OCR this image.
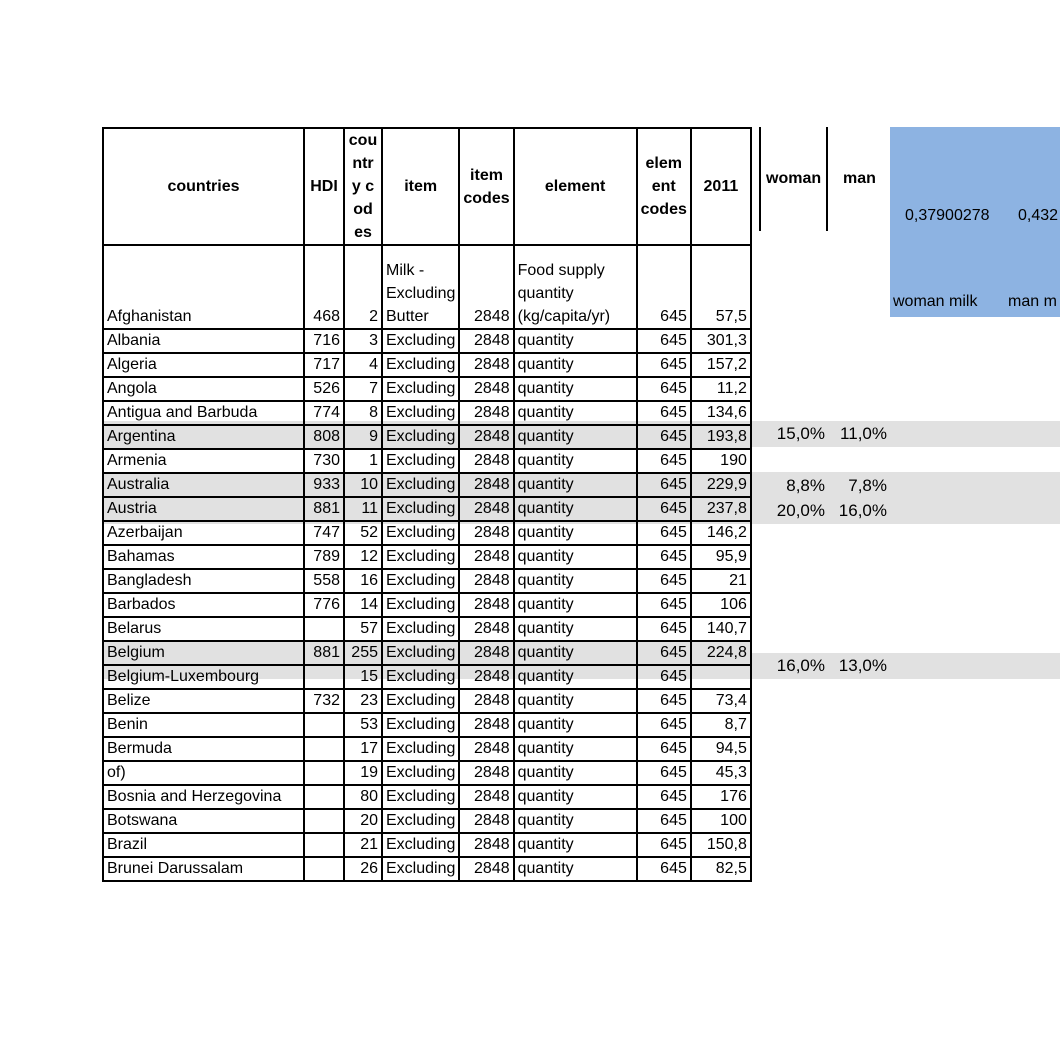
0,37900278 0,432
woman milk man m
countries	HDI	cou ntry cod es	item	item codes	element	elem ent codes	2011
Afghanistan	468	2	Milk - Excluding Butter	2848	Food supply quantity (kg/capita/yr)	645	57,5
Albania	716	3	Excluding	2848	quantity	645	301,3
Algeria	717	4	Excluding	2848	quantity	645	157,2
Angola	526	7	Excluding	2848	quantity	645	11,2
Antigua and Barbuda	774	8	Excluding	2848	quantity	645	134,6
Argentina	808	9	Excluding	2848	quantity	645	193,8
Armenia	730	1	Excluding	2848	quantity	645	190
Australia	933	10	Excluding	2848	quantity	645	229,9
Austria	881	11	Excluding	2848	quantity	645	237,8
Azerbaijan	747	52	Excluding	2848	quantity	645	146,2
Bahamas	789	12	Excluding	2848	quantity	645	95,9
Bangladesh	558	16	Excluding	2848	quantity	645	21
Barbados	776	14	Excluding	2848	quantity	645	106
Belarus		57	Excluding	2848	quantity	645	140,7
Belgium	881	255	Excluding	2848	quantity	645	224,8
Belgium-Luxembourg		15	Excluding	2848	quantity	645	
Belize	732	23	Excluding	2848	quantity	645	73,4
Benin		53	Excluding	2848	quantity	645	8,7
Bermuda		17	Excluding	2848	quantity	645	94,5
of)		19	Excluding	2848	quantity	645	45,3
Bosnia and Herzegovina		80	Excluding	2848	quantity	645	176
Botswana		20	Excluding	2848	quantity	645	100
Brazil		21	Excluding	2848	quantity	645	150,8
Brunei Darussalam		26	Excluding	2848	quantity	645	82,5
woman man
15,0% 11,0%
8,8%	7,8%
20,0% 16,0%
16,0% 13,0%
